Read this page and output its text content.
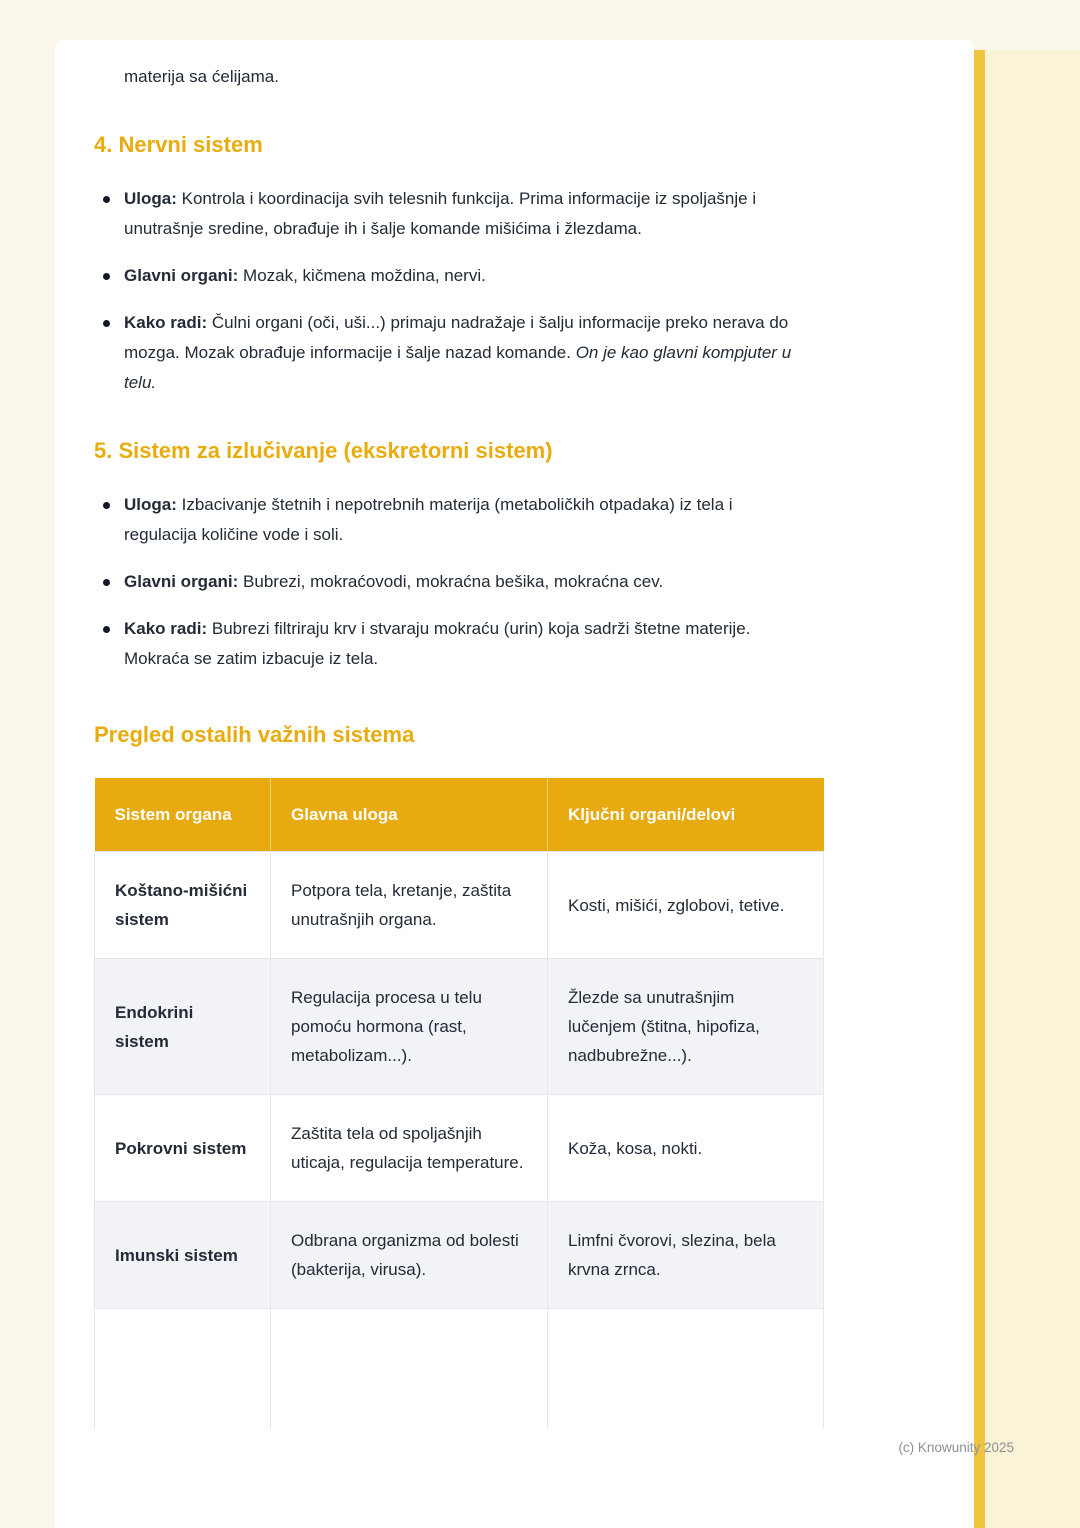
materija sa ćelijama.

4. Nervni sistem
Uloga: Kontrola i koordinacija svih telesnih funkcija. Prima informacije iz spoljašnje i unutrašnje sredine, obrađuje ih i šalje komande mišićima i žlezdama.
Glavni organi: Mozak, kičmena moždina, nervi.
Kako radi: Čulni organi (oči, uši...) primaju nadražaje i šalju informacije preko nerava do mozga. Mozak obrađuje informacije i šalje nazad komande. On je kao glavni kompjuter u telu.
5. Sistem za izlučivanje (ekskretorni sistem)
Uloga: Izbacivanje štetnih i nepotrebnih materija (metaboličkih otpadaka) iz tela i regulacija količine vode i soli.
Glavni organi: Bubrezi, mokraćovodi, mokraćna bešika, mokraćna cev.
Kako radi: Bubrezi filtriraju krv i stvaraju mokraću (urin) koja sadrži štetne materije. Mokraća se zatim izbacuje iz tela.
Pregled ostalih važnih sistema
Sistem organa	Glavna uloga	Ključni organi/delovi
Koštano-mišićni sistem	Potpora tela, kretanje, zaštita unutrašnjih organa.	Kosti, mišići, zglobovi, tetive.
Endokrini sistem	Regulacija procesa u telu pomoću hormona (rast, metabolizam...).	Žlezde sa unutrašnjim lučenjem (štitna, hipofiza, nadbubrežne...).
Pokrovni sistem	Zaštita tela od spoljašnjih uticaja, regulacija temperature.	Koža, kosa, nokti.
Imunski sistem	Odbrana organizma od bolesti (bakterija, virusa).	Limfni čvorovi, slezina, bela krvna zrnca.

(c) Knowunity 2025
